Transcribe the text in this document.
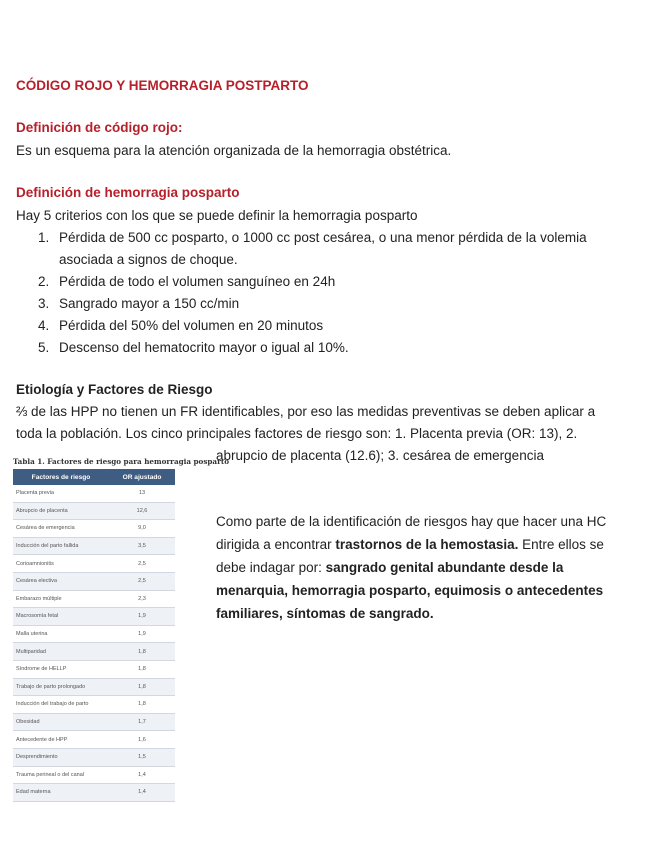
CÓDIGO ROJO Y HEMORRAGIA POSTPARTO
Definición de código rojo:
Es un esquema para la atención organizada de la hemorragia obstétrica.
Definición de hemorragia posparto
Hay 5 criterios con los que se puede definir la hemorragia posparto
1. Pérdida de 500 cc posparto, o 1000 cc post cesárea, o una menor pérdida de la volemia asociada a signos de choque.
2. Pérdida de todo el volumen sanguíneo en 24h
3. Sangrado mayor a 150 cc/min
4. Pérdida del 50% del volumen en 20 minutos
5. Descenso del hematocrito mayor o igual al 10%.
Etiología y Factores de Riesgo
⅔ de las HPP no tienen un FR identificables, por eso las medidas preventivas se deben aplicar a toda la población. Los cinco principales factores de riesgo son: 1. Placenta previa (OR: 13), 2.
abrupcio de placenta (12.6); 3. cesárea de emergencia
Tabla 1. Factores de riesgo para hemorragia posparto
Factores de riesgo	OR ajustado
Placenta previa	13
Abrupcio de placenta	12,6
Cesárea de emergencia	9,0
Inducción del parto fallida	3,5
Corioamnionitis	2,5
Cesárea electiva	2,5
Embarazo múltiple	2,3
Macrosomía fetal	1,9
Malla uterina	1,9
Multiparidad	1,8
Síndrome de HELLP	1,8
Trabajo de parto prolongado	1,8
Inducción del trabajo de parto	1,8
Obesidad	1,7
Antecedente de HPP	1,6
Desprendimiento	1,5
Trauma perineal o del canal	1,4
Edad materna	1,4
Como parte de la identificación de riesgos hay que hacer una HC dirigida a encontrar trastornos de la hemostasia. Entre ellos se debe indagar por: sangrado genital abundante desde la menarquia, hemorragia posparto, equimosis o antecedentes familiares, síntomas de sangrado.
